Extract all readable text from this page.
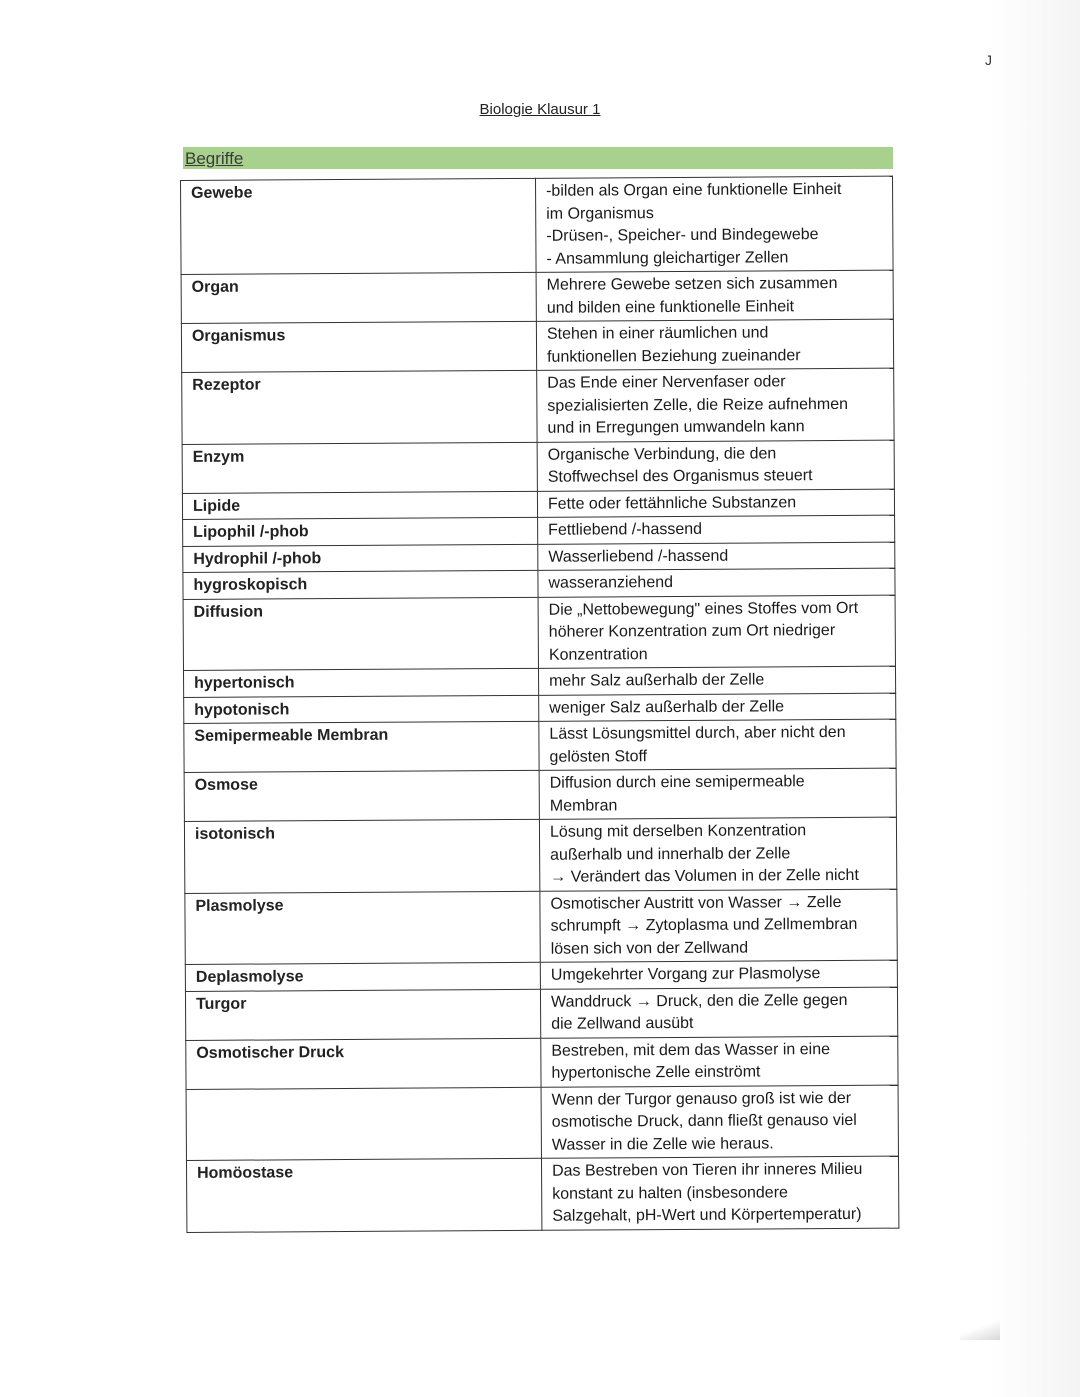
J
Biologie Klausur 1
Begriffe
Gewebe	-bilden als Organ eine funktionelle Einheit
im Organismus
-Drüsen-, Speicher- und Bindegewebe
- Ansammlung gleichartiger Zellen
Organ	Mehrere Gewebe setzen sich zusammen
und bilden eine funktionelle Einheit
Organismus	Stehen in einer räumlichen und
funktionellen Beziehung zueinander
Rezeptor	Das Ende einer Nervenfaser oder
spezialisierten Zelle, die Reize aufnehmen
und in Erregungen umwandeln kann
Enzym	Organische Verbindung, die den
Stoffwechsel des Organismus steuert
Lipide	Fette oder fettähnliche Substanzen
Lipophil /-phob	Fettliebend /-hassend
Hydrophil /-phob	Wasserliebend /-hassend
hygroskopisch	wasseranziehend
Diffusion	Die „Nettobewegung" eines Stoffes vom Ort
höherer Konzentration zum Ort niedriger
Konzentration
hypertonisch	mehr Salz außerhalb der Zelle
hypotonisch	weniger Salz außerhalb der Zelle
Semipermeable Membran	Lässt Lösungsmittel durch, aber nicht den
gelösten Stoff
Osmose	Diffusion durch eine semipermeable
Membran
isotonisch	Lösung mit derselben Konzentration
außerhalb und innerhalb der Zelle
→ Verändert das Volumen in der Zelle nicht
Plasmolyse	Osmotischer Austritt von Wasser → Zelle
schrumpft → Zytoplasma und Zellmembran
lösen sich von der Zellwand
Deplasmolyse	Umgekehrter Vorgang zur Plasmolyse
Turgor	Wanddruck → Druck, den die Zelle gegen
die Zellwand ausübt
Osmotischer Druck	Bestreben, mit dem das Wasser in eine
hypertonische Zelle einströmt
	Wenn der Turgor genauso groß ist wie der
osmotische Druck, dann fließt genauso viel
Wasser in die Zelle wie heraus.
Homöostase	Das Bestreben von Tieren ihr inneres Milieu
konstant zu halten (insbesondere
Salzgehalt, pH-Wert und Körpertemperatur)
